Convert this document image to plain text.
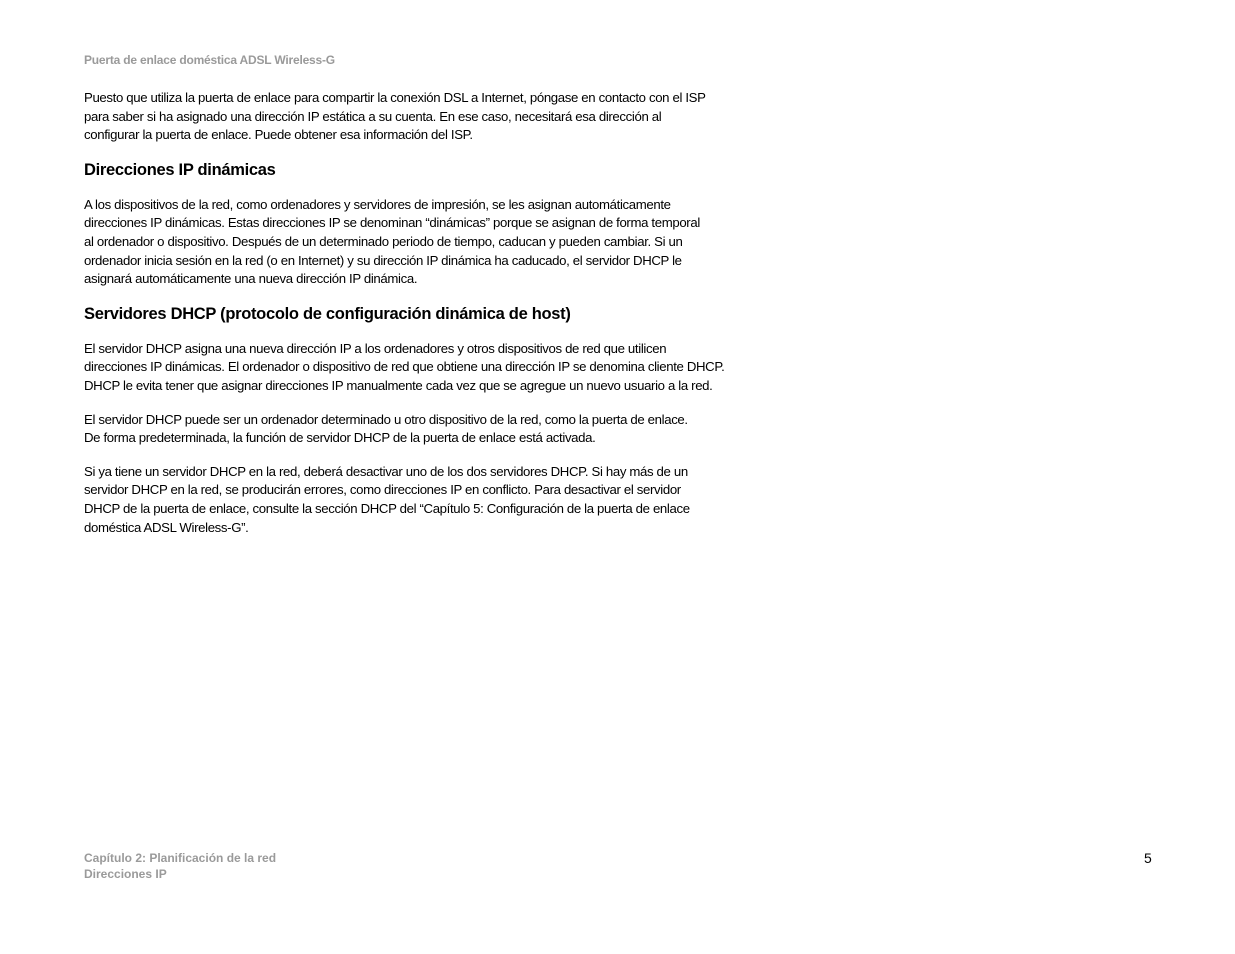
Puerta de enlace doméstica ADSL Wireless-G

Puesto que utiliza la puerta de enlace para compartir la conexión DSL a Internet, póngase en contacto con el ISP
para saber si ha asignado una dirección IP estática a su cuenta. En ese caso, necesitará esa dirección al
configurar la puerta de enlace. Puede obtener esa información del ISP.

Direcciones IP dinámicas

A los dispositivos de la red, como ordenadores y servidores de impresión, se les asignan automáticamente
direcciones IP dinámicas. Estas direcciones IP se denominan “dinámicas” porque se asignan de forma temporal
al ordenador o dispositivo. Después de un determinado periodo de tiempo, caducan y pueden cambiar. Si un
ordenador inicia sesión en la red (o en Internet) y su dirección IP dinámica ha caducado, el servidor DHCP le
asignará automáticamente una nueva dirección IP dinámica.

Servidores DHCP (protocolo de configuración dinámica de host)

El servidor DHCP asigna una nueva dirección IP a los ordenadores y otros dispositivos de red que utilicen
direcciones IP dinámicas. El ordenador o dispositivo de red que obtiene una dirección IP se denomina cliente DHCP.
DHCP le evita tener que asignar direcciones IP manualmente cada vez que se agregue un nuevo usuario a la red.

El servidor DHCP puede ser un ordenador determinado u otro dispositivo de la red, como la puerta de enlace.
De forma predeterminada, la función de servidor DHCP de la puerta de enlace está activada.

Si ya tiene un servidor DHCP en la red, deberá desactivar uno de los dos servidores DHCP. Si hay más de un
servidor DHCP en la red, se producirán errores, como direcciones IP en conflicto. Para desactivar el servidor
DHCP de la puerta de enlace, consulte la sección DHCP del “Capítulo 5: Configuración de la puerta de enlace
doméstica ADSL Wireless-G”.

Capítulo 2: Planificación de la red
Direcciones IP
5
